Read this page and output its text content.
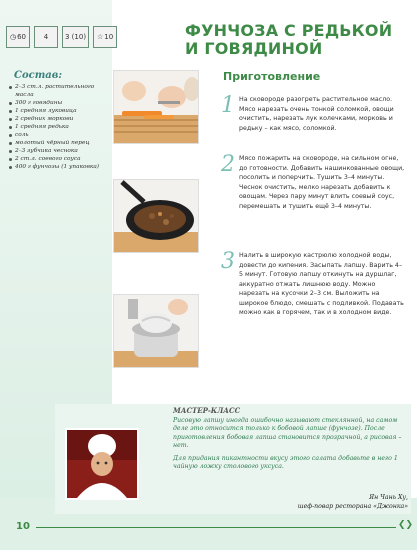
◷ 60	4 3 (10) ☆ 10	ФУНЧОЗА С РЕДЬКОЙ И ГОВЯДИНОЙ
Состав:
2–3 ст.л. растительного масла
300 г говядины
1 средняя луковица
2 средних моркови
1 средняя редька
соль
молотый чёрный перец
2–3 зубчика чеснока
2 ст.л. соевого соуса
400 г фунчозы (1 упаковка)
Приготовление
1 На сковороде разогреть растительное масло. Мясо нарезать очень тонкой соломкой, овощи очистить, нарезать лук колечками, морковь и редьку – как мясо, соломкой.

2 Мясо пожарить на сковороде, на сильном огне, до готовности. Добавить нашинкованные овощи, посолить и поперчить. Тушить 3–4 минуты. Чеснок очистить, мелко нарезать добавить к овощам. Через пару минут влить соевый соус, перемешать и тушить ещё 3–4 минуты.

3 Налить в широкую кастрюлю холодной воды, довести до кипения. Засыпать лапшу. Варить 4–5 минут. Готовую лапшу откинуть на дуршлаг, аккуратно отжать лишнюю воду. Можно нарезать на кусочки 2–3 см. Выложить на широкое блюдо, смешать с подливкой. Подавать можно как в горячем, так и в холодном виде.

МАСТЕР-КЛАСС

Рисовую лапшу иногда ошибочно называют стеклянной, на самом деле это относится только к бобовой лапше (фунчозе). После приготовления бобовая лапша становится прозрачной, а рисовая – нет.

Для придания пикантности вкусу этого салата добавьте в него 1 чайную ложку столового уксуса.

Ян Чань Ху,
шеф-повар ресторана «Джонка»
10	❮❯
